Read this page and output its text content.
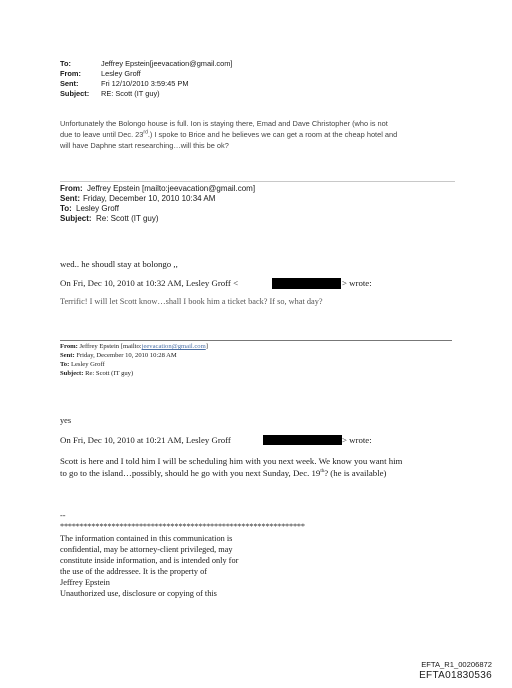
To:	Jeffrey Epstein[jeevacation@gmail.com]
From:	Lesley Groff
Sent:	Fri 12/10/2010 3:59:45 PM
Subject: RE: Scott (IT guy)
Unfortunately the Bolongo house is full. Ion is staying there, Emad and Dave Christopher (who is not
due to leave until Dec. 23rd.) I spoke to Brice and he believes we can get a room at the cheap hotel and
will have Daphne start researching…will this be ok?
From: Jeffrey Epstein [mailto:jeevacation@gmail.com]
Sent: Friday, December 10, 2010 10:34 AM
To: Lesley Groff
Subject: Re: Scott (IT guy)
wed.. he shoudl stay at bolongo ,,
On Fri, Dec 10, 2010 at 10:32 AM, Lesley Groff <	> wrote:
Terrific! I will let Scott know…shall I book him a ticket back? If so, what day?
From: Jeffrey Epstein [mailto:jeevacation@gmail.com]
Sent: Friday, December 10, 2010 10:28 AM
To: Lesley Groff
Subject: Re: Scott (IT guy)
yes
On Fri, Dec 10, 2010 at 10:21 AM, Lesley Groff	> wrote:
Scott is here and I told him I will be scheduling him with you next week. We know you want him
to go to the island…possibly, should he go with you next Sunday, Dec. 19th? (he is available)
--
**************************************************************
The information contained in this communication is
confidential, may be attorney-client privileged, may
constitute inside information, and is intended only for
the use of the addressee. It is the property of
Jeffrey Epstein
Unauthorized use, disclosure or copying of this
EFTA_R1_00206872
EFTA01830536
